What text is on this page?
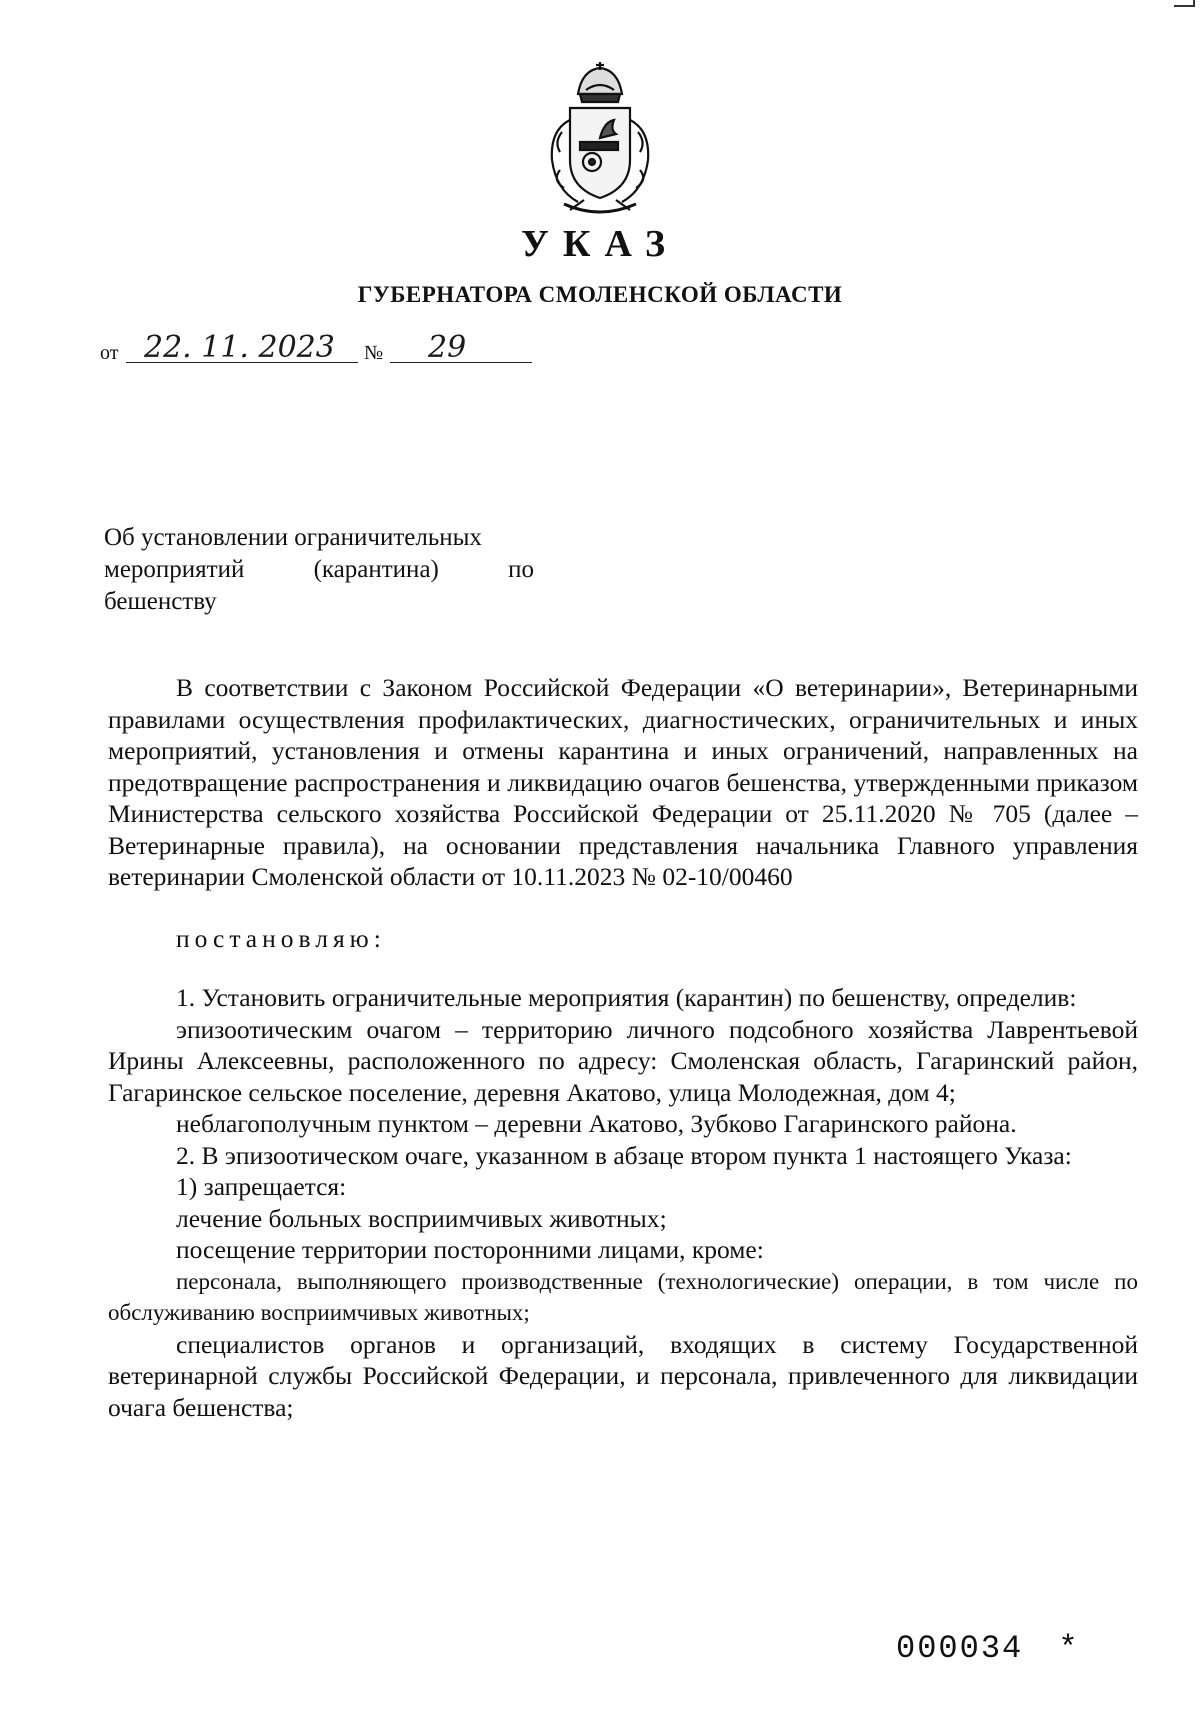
УКАЗ
ГУБЕРНАТОРА СМОЛЕНСКОЙ ОБЛАСТИ
от 22. 11. 2023 № 29
Об установлении ограничительных
мероприятий	(карантина)	по
бешенству

В соответствии с Законом Российской Федерации «О ветеринарии», Ветеринарными правилами осуществления профилактических, диагностических, ограничительных и иных мероприятий, установления и отмены карантина и иных ограничений, направленных на предотвращение распространения и ликвидацию очагов бешенства, утвержденными приказом Министерства сельского хозяйства Российской Федерации от 25.11.2020 № 705 (далее – Ветеринарные правила), на основании представления начальника Главного управления ветеринарии Смоленской области от 10.11.2023 № 02-10/00460

постановляю:

1. Установить ограничительные мероприятия (карантин) по бешенству, определив:

эпизоотическим очагом – территорию личного подсобного хозяйства Лаврентьевой Ирины Алексеевны, расположенного по адресу: Смоленская область, Гагаринский район, Гагаринское сельское поселение, деревня Акатово, улица Молодежная, дом 4;

неблагополучным пунктом – деревни Акатово, Зубково Гагаринского района.

2. В эпизоотическом очаге, указанном в абзаце втором пункта 1 настоящего Указа:

1) запрещается:

лечение больных восприимчивых животных;

посещение территории посторонними лицами, кроме:

персонала, выполняющего производственные (технологические) операции, в том числе по обслуживанию восприимчивых животных;

специалистов органов и организаций, входящих в систему Государственной ветеринарной службы Российской Федерации, и персонала, привлеченного для ликвидации очага бешенства;

000034 *
